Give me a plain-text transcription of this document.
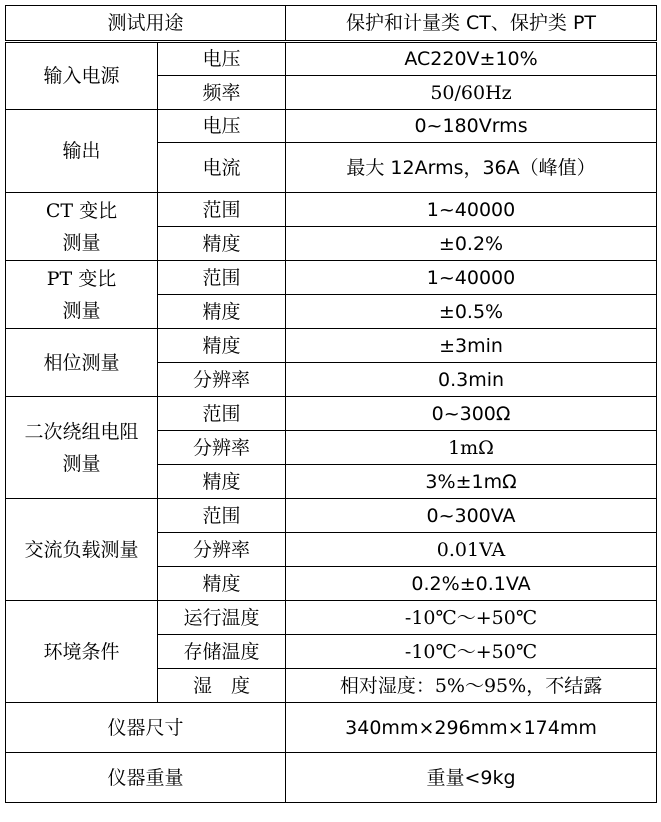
测试用途		保护和计量类 CT、保护类 PT
输入电源	电压	AC220V±10%
	频率	50/60Hz
输出	电压	0~180Vrms
	电流	最大 12Arms，36A（峰值）
CT 变比测量	范围	1~40000
	精度	±0.2%
PT 变比测量	范围	1~40000
	精度	±0.5%
相位测量	精度	±3min
	分辨率	0.3min
二次绕组电阻测量	范围	0~300Ω
	分辨率	1mΩ
	精度	3%±1mΩ
交流负载测量	范围	0~300VA
	分辨率	0.01VA
	精度	0.2%±0.1VA
环境条件	运行温度	-10℃～+50℃
	存储温度	-10℃～+50℃
	湿　度	相对湿度：5%～95%，不结露
仪器尺寸		340mm×296mm×174mm
仪器重量		重量<9kg
